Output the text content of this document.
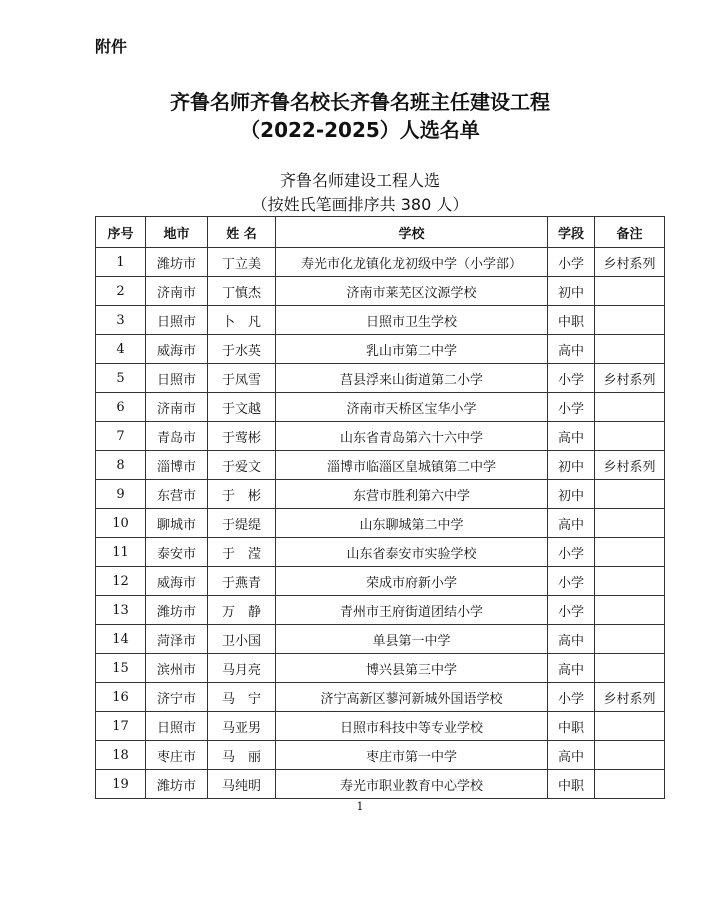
附件
齐鲁名师齐鲁名校长齐鲁名班主任建设工程
（2022-2025）人选名单
齐鲁名师建设工程人选
（按姓氏笔画排序共 380 人）
序号	地市	姓 名	学校	学段	备注
1	潍坊市	丁立美	寿光市化龙镇化龙初级中学（小学部）	小学	乡村系列
2	济南市	丁慎杰	济南市莱芜区汶源学校	初中	
3	日照市	卜　凡	日照市卫生学校	中职	
4	威海市	于水英	乳山市第二中学	高中	
5	日照市	于凤雪	莒县浮来山街道第二小学	小学	乡村系列
6	济南市	于文越	济南市天桥区宝华小学	小学	
7	青岛市	于莺彬	山东省青岛第六十六中学	高中	
8	淄博市	于爱文	淄博市临淄区皇城镇第二中学	初中	乡村系列
9	东营市	于　彬	东营市胜利第六中学	初中	
10	聊城市	于缇缇	山东聊城第二中学	高中	
11	泰安市	于　滢	山东省泰安市实验学校	小学	
12	威海市	于燕青	荣成市府新小学	小学	
13	潍坊市	万　静	青州市王府街道团结小学	小学	
14	菏泽市	卫小国	单县第一中学	高中	
15	滨州市	马月亮	博兴县第三中学	高中	
16	济宁市	马　宁	济宁高新区蓼河新城外国语学校	小学	乡村系列
17	日照市	马亚男	日照市科技中等专业学校	中职	
18	枣庄市	马　丽	枣庄市第一中学	高中	
19	潍坊市	马纯明	寿光市职业教育中心学校	中职	
1
